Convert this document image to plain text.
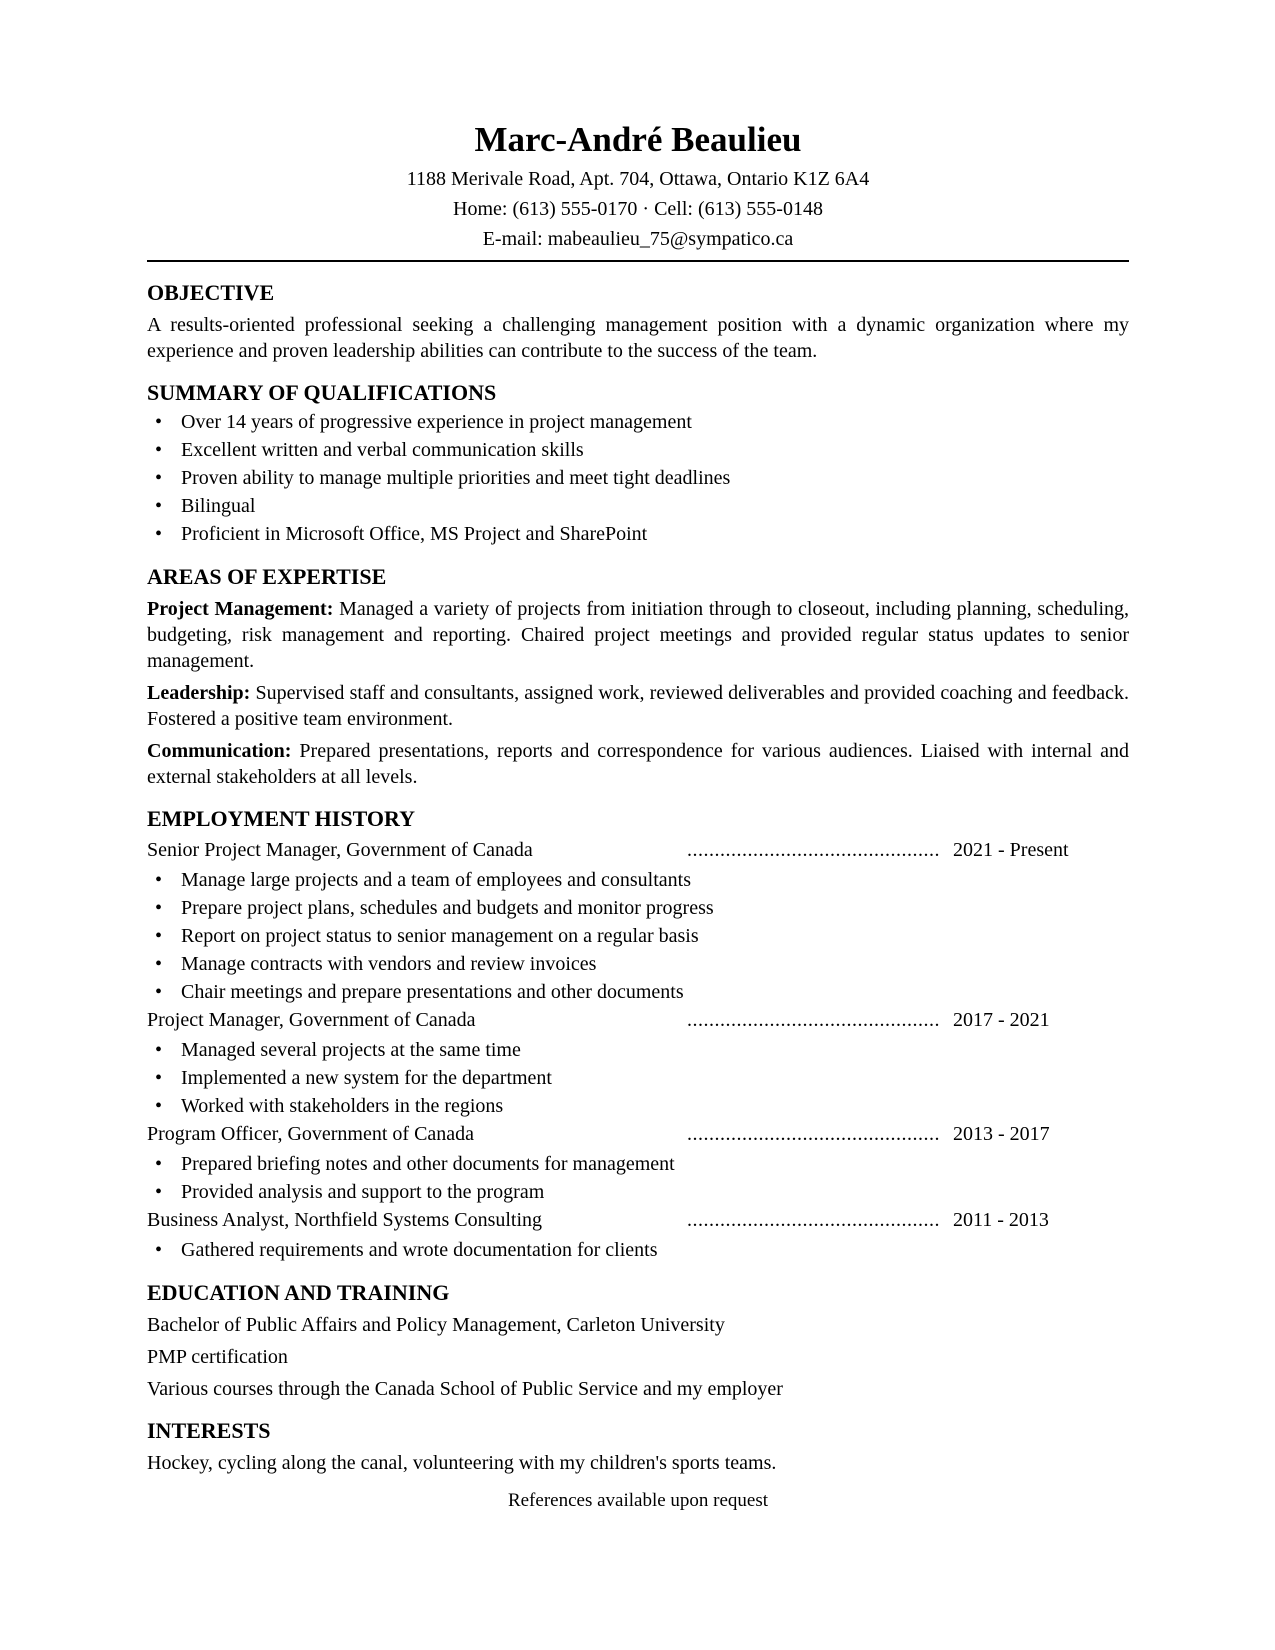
Marc-André Beaulieu
1188 Merivale Road, Apt. 704, Ottawa, Ontario K1Z 6A4
Home: (613) 555-0170 · Cell: (613) 555-0148
E-mail: mabeaulieu_75@sympatico.ca
OBJECTIVE

A results-oriented professional seeking a challenging management position with a dynamic organization where my experience and proven leadership abilities can contribute to the success of the team.

SUMMARY OF QUALIFICATIONS
• Over 14 years of progressive experience in project management
• Excellent written and verbal communication skills
• Proven ability to manage multiple priorities and meet tight deadlines
• Bilingual
• Proficient in Microsoft Office, MS Project and SharePoint
AREAS OF EXPERTISE

Project Management: Managed a variety of projects from initiation through to closeout, including planning, scheduling, budgeting, risk management and reporting. Chaired project meetings and provided regular status updates to senior management.

Leadership: Supervised staff and consultants, assigned work, reviewed deliverables and provided coaching and feedback. Fostered a positive team environment.

Communication: Prepared presentations, reports and correspondence for various audiences. Liaised with internal and external stakeholders at all levels.

EMPLOYMENT HISTORY
Senior Project Manager, Government of Canada	.............................................. 2021 - Present
• Manage large projects and a team of employees and consultants
• Prepare project plans, schedules and budgets and monitor progress
• Report on project status to senior management on a regular basis
• Manage contracts with vendors and review invoices
• Chair meetings and prepare presentations and other documents
Project Manager, Government of Canada	.............................................. 2017 - 2021
• Managed several projects at the same time
• Implemented a new system for the department
• Worked with stakeholders in the regions
Program Officer, Government of Canada	.............................................. 2013 - 2017
• Prepared briefing notes and other documents for management
• Provided analysis and support to the program
Business Analyst, Northfield Systems Consulting	.............................................. 2011 - 2013
• Gathered requirements and wrote documentation for clients
EDUCATION AND TRAINING

Bachelor of Public Affairs and Policy Management, Carleton University

PMP certification

Various courses through the Canada School of Public Service and my employer

INTERESTS

Hockey, cycling along the canal, volunteering with my children's sports teams.

References available upon request
